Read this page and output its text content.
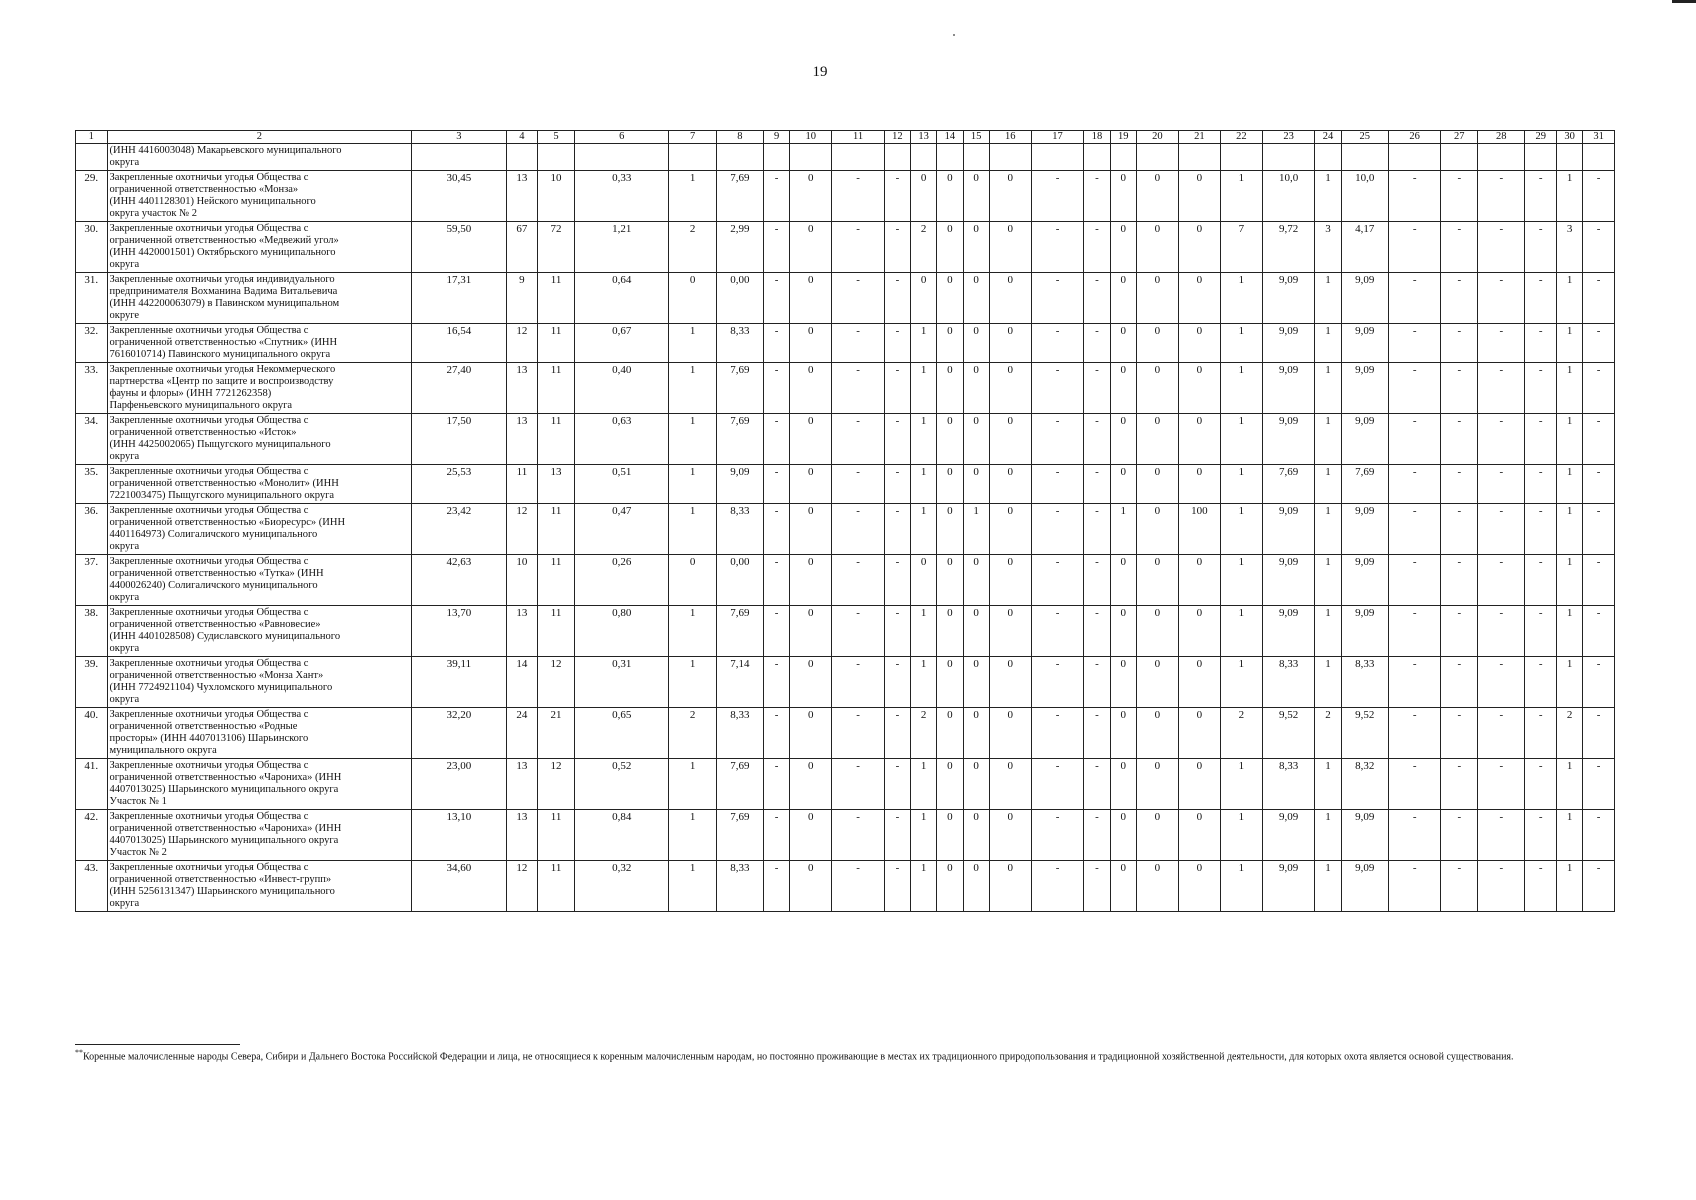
19
1	2	3	4	5	6	7	8	9	10	11	12	13	14	15	16	17	18	19	20	21	22	23	24	25	26	27	28	29	30	31

	(ИНН 4416003048) Макарьевского муниципального
округа																													

29.	Закрепленные охотничьи угодья Общества с
ограниченной ответственностью «Монза»
(ИНН 4401128301) Нейского муниципального
округа участок № 2	30,45	13	10	0,33	1	7,69	-	0	-	-	0	0	0	0	-	-	0	0	0	1	10,0	1	10,0	-	-	-	-	1	-
30.	Закрепленные охотничьи угодья Общества с
ограниченной ответственностью «Медвежий угол»
(ИНН 4420001501) Октябрьского муниципального
округа	59,50	67	72	1,21	2	2,99	-	0	-	-	2	0	0	0	-	-	0	0	0	7	9,72	3	4,17	-	-	-	-	3	-
31.	Закрепленные охотничьи угодья индивидуального
предпринимателя Вохманина Вадима Витальевича
(ИНН 442200063079) в Павинском муниципальном
округе	17,31	9	11	0,64	0	0,00	-	0	-	-	0	0	0	0	-	-	0	0	0	1	9,09	1	9,09	-	-	-	-	1	-
32.	Закрепленные охотничьи угодья Общества с
ограниченной ответственностью «Спутник» (ИНН
7616010714) Павинского муниципального округа	16,54	12	11	0,67	1	8,33	-	0	-	-	1	0	0	0	-	-	0	0	0	1	9,09	1	9,09	-	-	-	-	1	-
33.	Закрепленные охотничьи угодья Некоммерческого
партнерства «Центр по защите и воспроизводству
фауны и флоры» (ИНН 7721262358)
Парфеньевского муниципального округа	27,40	13	11	0,40	1	7,69	-	0	-	-	1	0	0	0	-	-	0	0	0	1	9,09	1	9,09	-	-	-	-	1	-
34.	Закрепленные охотничьи угодья Общества с
ограниченной ответственностью «Исток»
(ИНН 4425002065) Пыщугского муниципального
округа	17,50	13	11	0,63	1	7,69	-	0	-	-	1	0	0	0	-	-	0	0	0	1	9,09	1	9,09	-	-	-	-	1	-
35.	Закрепленные охотничьи угодья Общества с
ограниченной ответственностью «Монолит» (ИНН
7221003475) Пыщугского муниципального округа	25,53	11	13	0,51	1	9,09	-	0	-	-	1	0	0	0	-	-	0	0	0	1	7,69	1	7,69	-	-	-	-	1	-
36.	Закрепленные охотничьи угодья Общества с
ограниченной ответственностью «Биоресурс» (ИНН
4401164973) Солигаличского муниципального
округа	23,42	12	11	0,47	1	8,33	-	0	-	-	1	0	1	0	-	-	1	0	100	1	9,09	1	9,09	-	-	-	-	1	-
37.	Закрепленные охотничьи угодья Общества с
ограниченной ответственностью «Тутка» (ИНН
4400026240) Солигаличского муниципального
округа	42,63	10	11	0,26	0	0,00	-	0	-	-	0	0	0	0	-	-	0	0	0	1	9,09	1	9,09	-	-	-	-	1	-
38.	Закрепленные охотничьи угодья Общества с
ограниченной ответственностью «Равновесие»
(ИНН 4401028508) Судиславского муниципального
округа	13,70	13	11	0,80	1	7,69	-	0	-	-	1	0	0	0	-	-	0	0	0	1	9,09	1	9,09	-	-	-	-	1	-
39.	Закрепленные охотничьи угодья Общества с
ограниченной ответственностью «Монза Хант»
(ИНН 7724921104) Чухломского муниципального
округа	39,11	14	12	0,31	1	7,14	-	0	-	-	1	0	0	0	-	-	0	0	0	1	8,33	1	8,33	-	-	-	-	1	-
40.	Закрепленные охотничьи угодья Общества с
ограниченной ответственностью «Родные
просторы» (ИНН 4407013106) Шарьинского
муниципального округа	32,20	24	21	0,65	2	8,33	-	0	-	-	2	0	0	0	-	-	0	0	0	2	9,52	2	9,52	-	-	-	-	2	-
41.	Закрепленные охотничьи угодья Общества с
ограниченной ответственностью «Чарониха» (ИНН
4407013025) Шарьинского муниципального округа
Участок № 1	23,00	13	12	0,52	1	7,69	-	0	-	-	1	0	0	0	-	-	0	0	0	1	8,33	1	8,32	-	-	-	-	1	-
42.	Закрепленные охотничьи угодья Общества с
ограниченной ответственностью «Чарониха» (ИНН
4407013025) Шарьинского муниципального округа
Участок № 2	13,10	13	11	0,84	1	7,69	-	0	-	-	1	0	0	0	-	-	0	0	0	1	9,09	1	9,09	-	-	-	-	1	-
43.	Закрепленные охотничьи угодья Общества с
ограниченной ответственностью «Инвест-групп»
(ИНН 5256131347) Шарьинского муниципального
округа	34,60	12	11	0,32	1	8,33	-	0	-	-	1	0	0	0	-	-	0	0	0	1	9,09	1	9,09	-	-	-	-	1	-
**Коренные малочисленные народы Севера, Сибири и Дальнего Востока Российской Федерации и лица, не относящиеся к коренным малочисленным народам, но постоянно проживающие в местах их традиционного природопользования и традиционной хозяйственной деятельности, для которых охота является основой существования.
